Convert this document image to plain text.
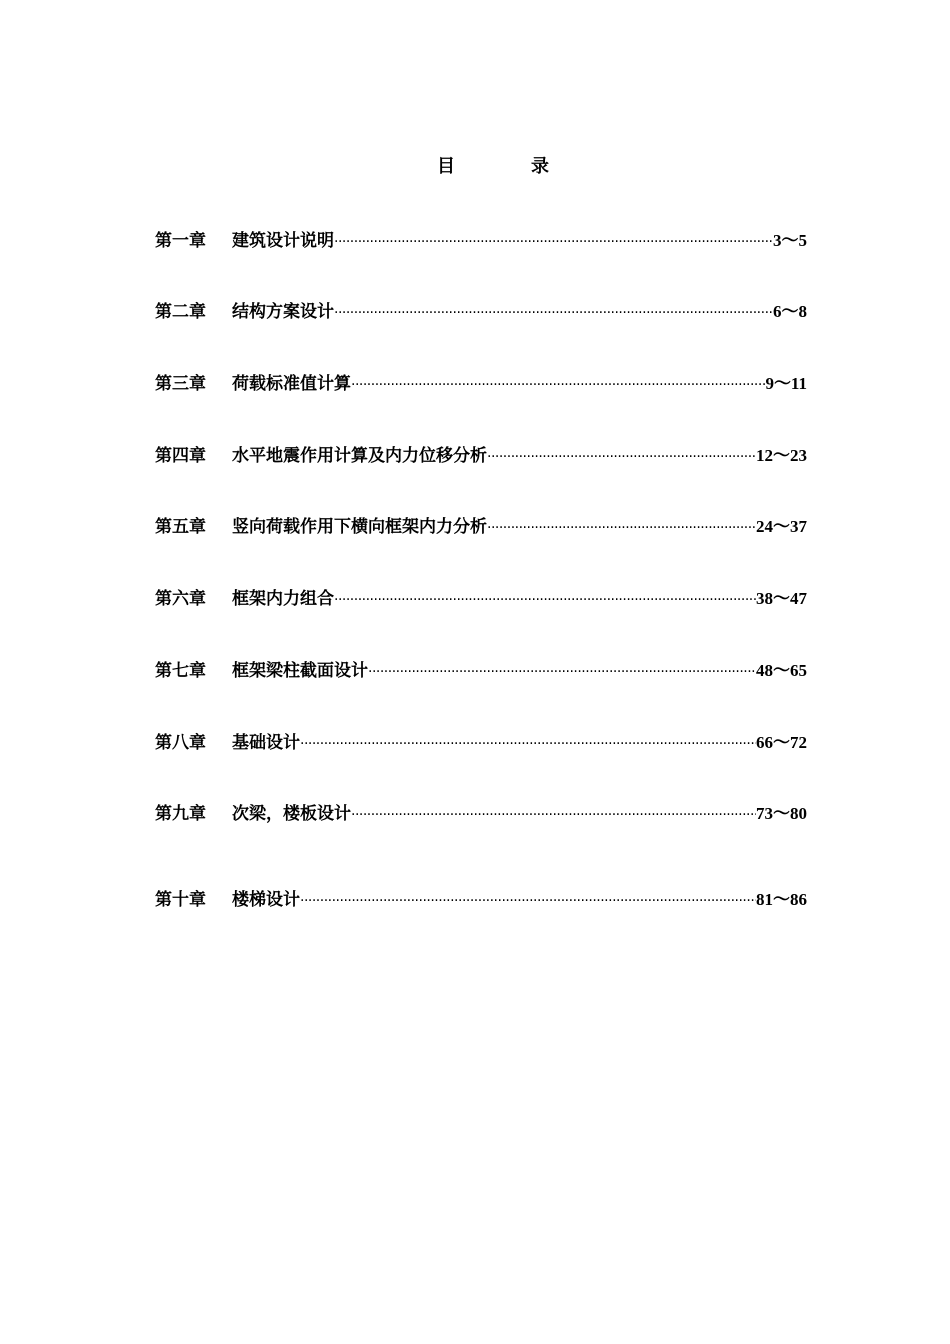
目	录
第一章	建筑设计说明 ·····	3～5
第二章	结构方案设计 ·····	6～8
第三章	荷载标准值计算 ·····	9～11
第四章	水平地震作用计算及内力位移分析 ·····	12～23
第五章	竖向荷载作用下横向框架内力分析 ·····	24～37
第六章	框架内力组合 ·····	38～47
第七章	框架梁柱截面设计 ·····	48～65
第八章	基础设计 ·····	66～72
第九章	次梁，楼板设计 ·····	73～80
第十章	楼梯设计 ·····	81～86
